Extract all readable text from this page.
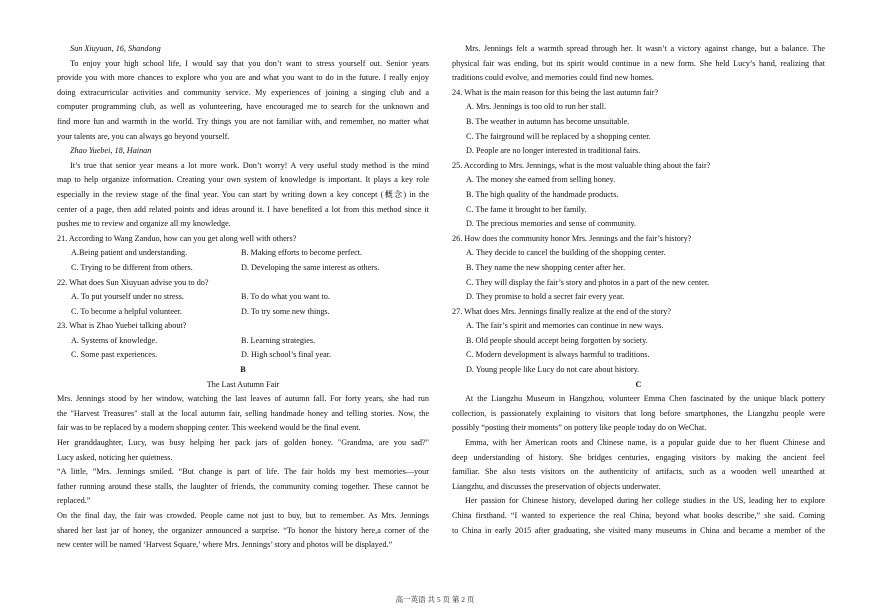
Sun Xiuyuan, 16, Shandong
To enjoy your high school life, I would say that you don’t want to stress yourself out. Senior years
provide you with more chances to explore who you are and what you want to do in the future. I really enjoy
doing extracurricular activities and community service. My experiences of joining a singing club and a
computer programming club, as well as volunteering, have encouraged me to search for the unknown and
find more fun and warmth in the world. Try things you are not familiar with, and remember, no matter what
your talents are, you can always go beyond yourself.
Zhao Yuebei, 18, Hainan
It’s true that senior year means a lot more work. Don’t worry! A very useful study method is the mind
map to help organize information. Creating your own system of knowledge is important. It plays a key role
especially in the review stage of the final year. You can start by writing down a key concept (概念) in the
center of a page, then add related points and ideas around it. I have benefited a lot from this method since it
pushes me to review and organize all my knowledge.
21. According to Wang Zanduo, how can you get along well with others?
A.Being patient and understanding.	B. Making efforts to become perfect.
C. Trying to be different from others.	D. Developing the same interest as others.
22. What does Sun Xiuyuan advise you to do?
A. To put yourself under no stress.	B. To do what you want to.
C. To become a helpful volunteer.	D. To try some new things.
23. What is Zhao Yuebei talking about?
A. Systems of knowledge.	B. Learning strategies.
C. Some past experiences.	D. High school’s final year.
B
The Last Autumn Fair
Mrs. Jennings stood by her window, watching the last leaves of autumn fall. For forty years, she had run
the "Harvest Treasures" stall at the local autumn fair, selling handmade honey and telling stories. Now, the
fair was to be replaced by a modern shopping center. This weekend would be the final event.
Her granddaughter, Lucy, was busy helping her pack jars of golden honey. "Grandma, are you sad?"
Lucy asked, noticing her quietness.
“A little, ”Mrs. Jennings smiled. “But change is part of life. The fair holds my best memories—your
father running around these stalls, the laughter of friends, the community coming together. These cannot be
replaced.”
On the final day, the fair was crowded. People came not just to buy, but to remember. As Mrs. Jennings
shared her last jar of honey, the organizer announced a surprise. “To honor the history here,a corner of the
new center will be named ‘Harvest Square,’ where Mrs. Jennings’ story and photos will be displayed.”
Mrs. Jennings felt a warmth spread through her. It wasn’t a victory against change, but a balance. The
physical fair was ending, but its spirit would continue in a new form. She held Lucy’s hand, realizing that
traditions could evolve, and memories could find new homes.
24. What is the main reason for this being the last autumn fair?
A. Mrs. Jennings is too old to run her stall.
B. The weather in autumn has become unsuitable.
C. The fairground will be replaced by a shopping center.
D. People are no longer interested in traditional fairs.
25. According to Mrs. Jennings, what is the most valuable thing about the fair?
A. The money she earned from selling honey.
B. The high quality of the handmade products.
C. The fame it brought to her family.
D. The precious memories and sense of community.
26. How does the community honor Mrs. Jennings and the fair’s history?
A. They decide to cancel the building of the shopping center.
B. They name the new shopping center after her.
C. They will display the fair’s story and photos in a part of the new center.
D. They promise to hold a secret fair every year.
27. What does Mrs. Jennings finally realize at the end of the story?
A. The fair’s spirit and memories can continue in new ways.
B. Old people should accept being forgotten by society.
C. Modern development is always harmful to traditions.
D. Young people like Lucy do not care about history.
C
At the Liangzhu Museum in Hangzhou, volunteer Emma Chen fascinated by the unique black pottery
collection, is passionately explaining to visitors that long before smartphones, the Liangzhu people were
possibly “posting their moments” on pottery like people today do on WeChat.
Emma, with her American roots and Chinese name, is a popular guide due to her fluent Chinese and
deep understanding of history. She bridges centuries, engaging visitors by making the ancient feel
familiar. She also tests visitors on the authenticity of artifacts, such as a wooden well unearthed at
Liangzhu, and discusses the preservation of objects underwater.
Her passion for Chinese history, developed during her college studies in the US, leading her to explore
China firsthand. “I wanted to experience the real China, beyond what books describe,” she said. Coming
to China in early 2015 after graduating, she visited many museums in China and became a member of the
高一英语 共 5 页 第 2 页
